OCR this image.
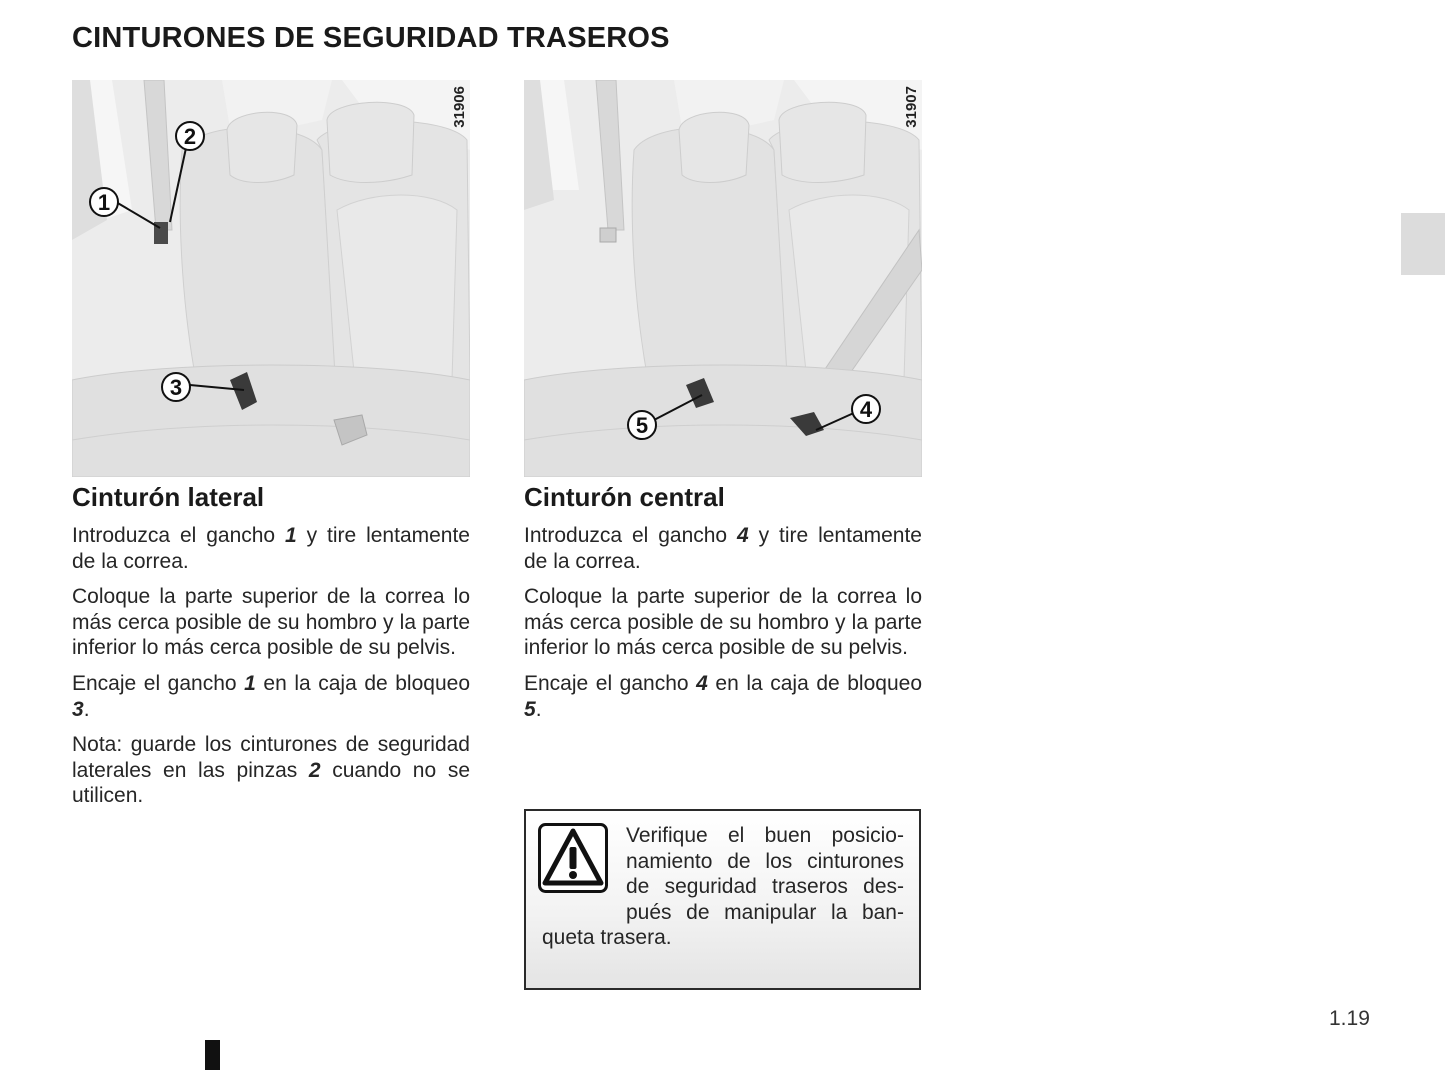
CINTURONES DE SEGURIDAD TRASEROS
1
2
3
31906
4
5
31907
Cinturón lateral

Introduzca el gancho 1 y tire lentamente de la correa.

Coloque la parte superior de la correa lo más cerca posible de su hombro y la parte inferior lo más cerca posible de su pelvis.

Encaje el gancho 1 en la caja de bloqueo 3.

Nota: guarde los cinturones de seguridad laterales en las pinzas 2 cuando no se utilicen.

Cinturón central

Introduzca el gancho 4 y tire lentamente de la correa.

Coloque la parte superior de la correa lo más cerca posible de su hombro y la parte inferior lo más cerca posible de su pelvis.

Encaje el gancho 4 en la caja de bloqueo 5.

Verifique el buen posicionamiento de los cinturones de seguridad traseros después de manipular la banqueta trasera.

1.19
